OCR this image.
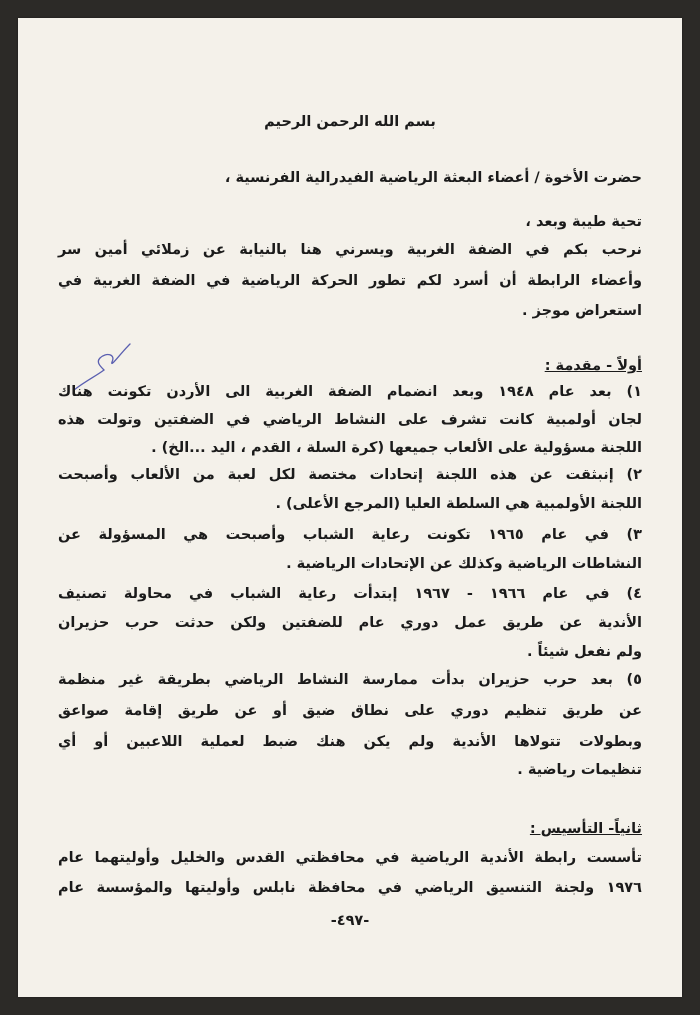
بسم الله الرحمن الرحيم
حضرت الأخوة / أعضاء البعثة الرياضية الفيدرالية الفرنسية ،
تحية طيبة وبعد ،
نرحب بكم في الضفة الغربية ويسرني هنا بالنيابة عن زملائي أمين سر
وأعضاء الرابطة أن أسرد لكم تطور الحركة الرياضية في الضفة الغربية في
استعراض موجز .
أولاً - مقدمة :
١) بعد عام ١٩٤٨ وبعد انضمام الضفة الغربية الى الأردن تكونت هناك
لجان أولمبية كانت تشرف على النشاط الرياضي في الضفتين وتولت هذه
اللجنة مسؤولية على الألعاب جميعها (كرة السلة ، القدم ، اليد ...الخ) .
٢) إنبثقت عن هذه اللجنة إتحادات مختصة لكل لعبة من الألعاب وأصبحت
اللجنة الأولمبية هي السلطة العليا (المرجع الأعلى) .
٣) في عام ١٩٦٥ تكونت رعاية الشباب وأصبحت هي المسؤولة عن
النشاطات الرياضية وكذلك عن الإتحادات الرياضية .
٤) في عام ١٩٦٦ - ١٩٦٧ إبتدأت رعاية الشباب في محاولة تصنيف
الأندية عن طريق عمل دوري عام للضفتين ولكن حدثت حرب حزيران
ولم نفعل شيئاً .
٥) بعد حرب حزيران بدأت ممارسة النشاط الرياضي بطريقة غير منظمة
عن طريق تنظيم دوري على نطاق ضيق أو عن طريق إقامة صواعق
وبطولات تتولاها الأندية ولم يكن هنك ضبط لعملية اللاعبين أو أي
تنظيمات رياضية .
ثانياً- التأسيس :
تأسست رابطة الأندية الرياضية في محافظتي القدس والخليل وأوليتهما عام
١٩٧٦ ولجنة التنسيق الرياضي في محافظة نابلس وأوليتها والمؤسسة عام
-٤٩٧-
